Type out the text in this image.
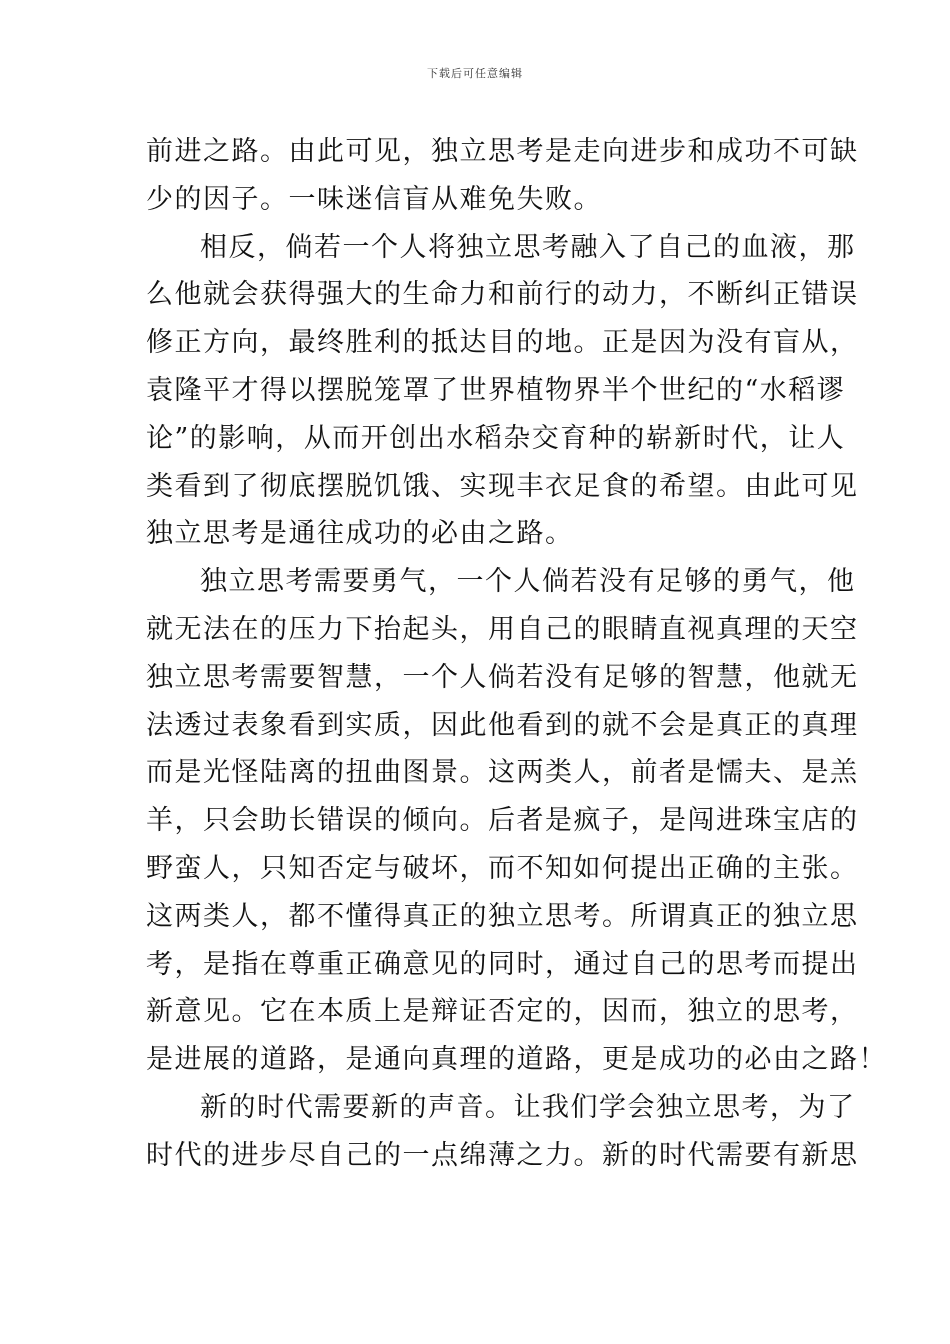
下载后可任意编辑
前进之路。由此可见，独立思考是走向进步和成功不可缺
少的因子。一味迷信盲从难免失败。
相反，倘若一个人将独立思考融入了自己的血液，那
么他就会获得强大的生命力和前行的动力，不断纠正错误
修正方向，最终胜利的抵达目的地。正是因为没有盲从，
袁隆平才得以摆脱笼罩了世界植物界半个世纪的“水稻谬
论”的影响，从而开创出水稻杂交育种的崭新时代，让人
类看到了彻底摆脱饥饿、实现丰衣足食的希望。由此可见
独立思考是通往成功的必由之路。
独立思考需要勇气，一个人倘若没有足够的勇气，他
就无法在的压力下抬起头，用自己的眼睛直视真理的天空
独立思考需要智慧，一个人倘若没有足够的智慧，他就无
法透过表象看到实质，因此他看到的就不会是真正的真理
而是光怪陆离的扭曲图景。这两类人，前者是懦夫、是羔
羊，只会助长错误的倾向。后者是疯子，是闯进珠宝店的
野蛮人，只知否定与破坏，而不知如何提出正确的主张。
这两类人，都不懂得真正的独立思考。所谓真正的独立思
考，是指在尊重正确意见的同时，通过自己的思考而提出
新意见。它在本质上是辩证否定的，因而，独立的思考，
是进展的道路，是通向真理的道路，更是成功的必由之路！
新的时代需要新的声音。让我们学会独立思考，为了
时代的进步尽自己的一点绵薄之力。新的时代需要有新思
